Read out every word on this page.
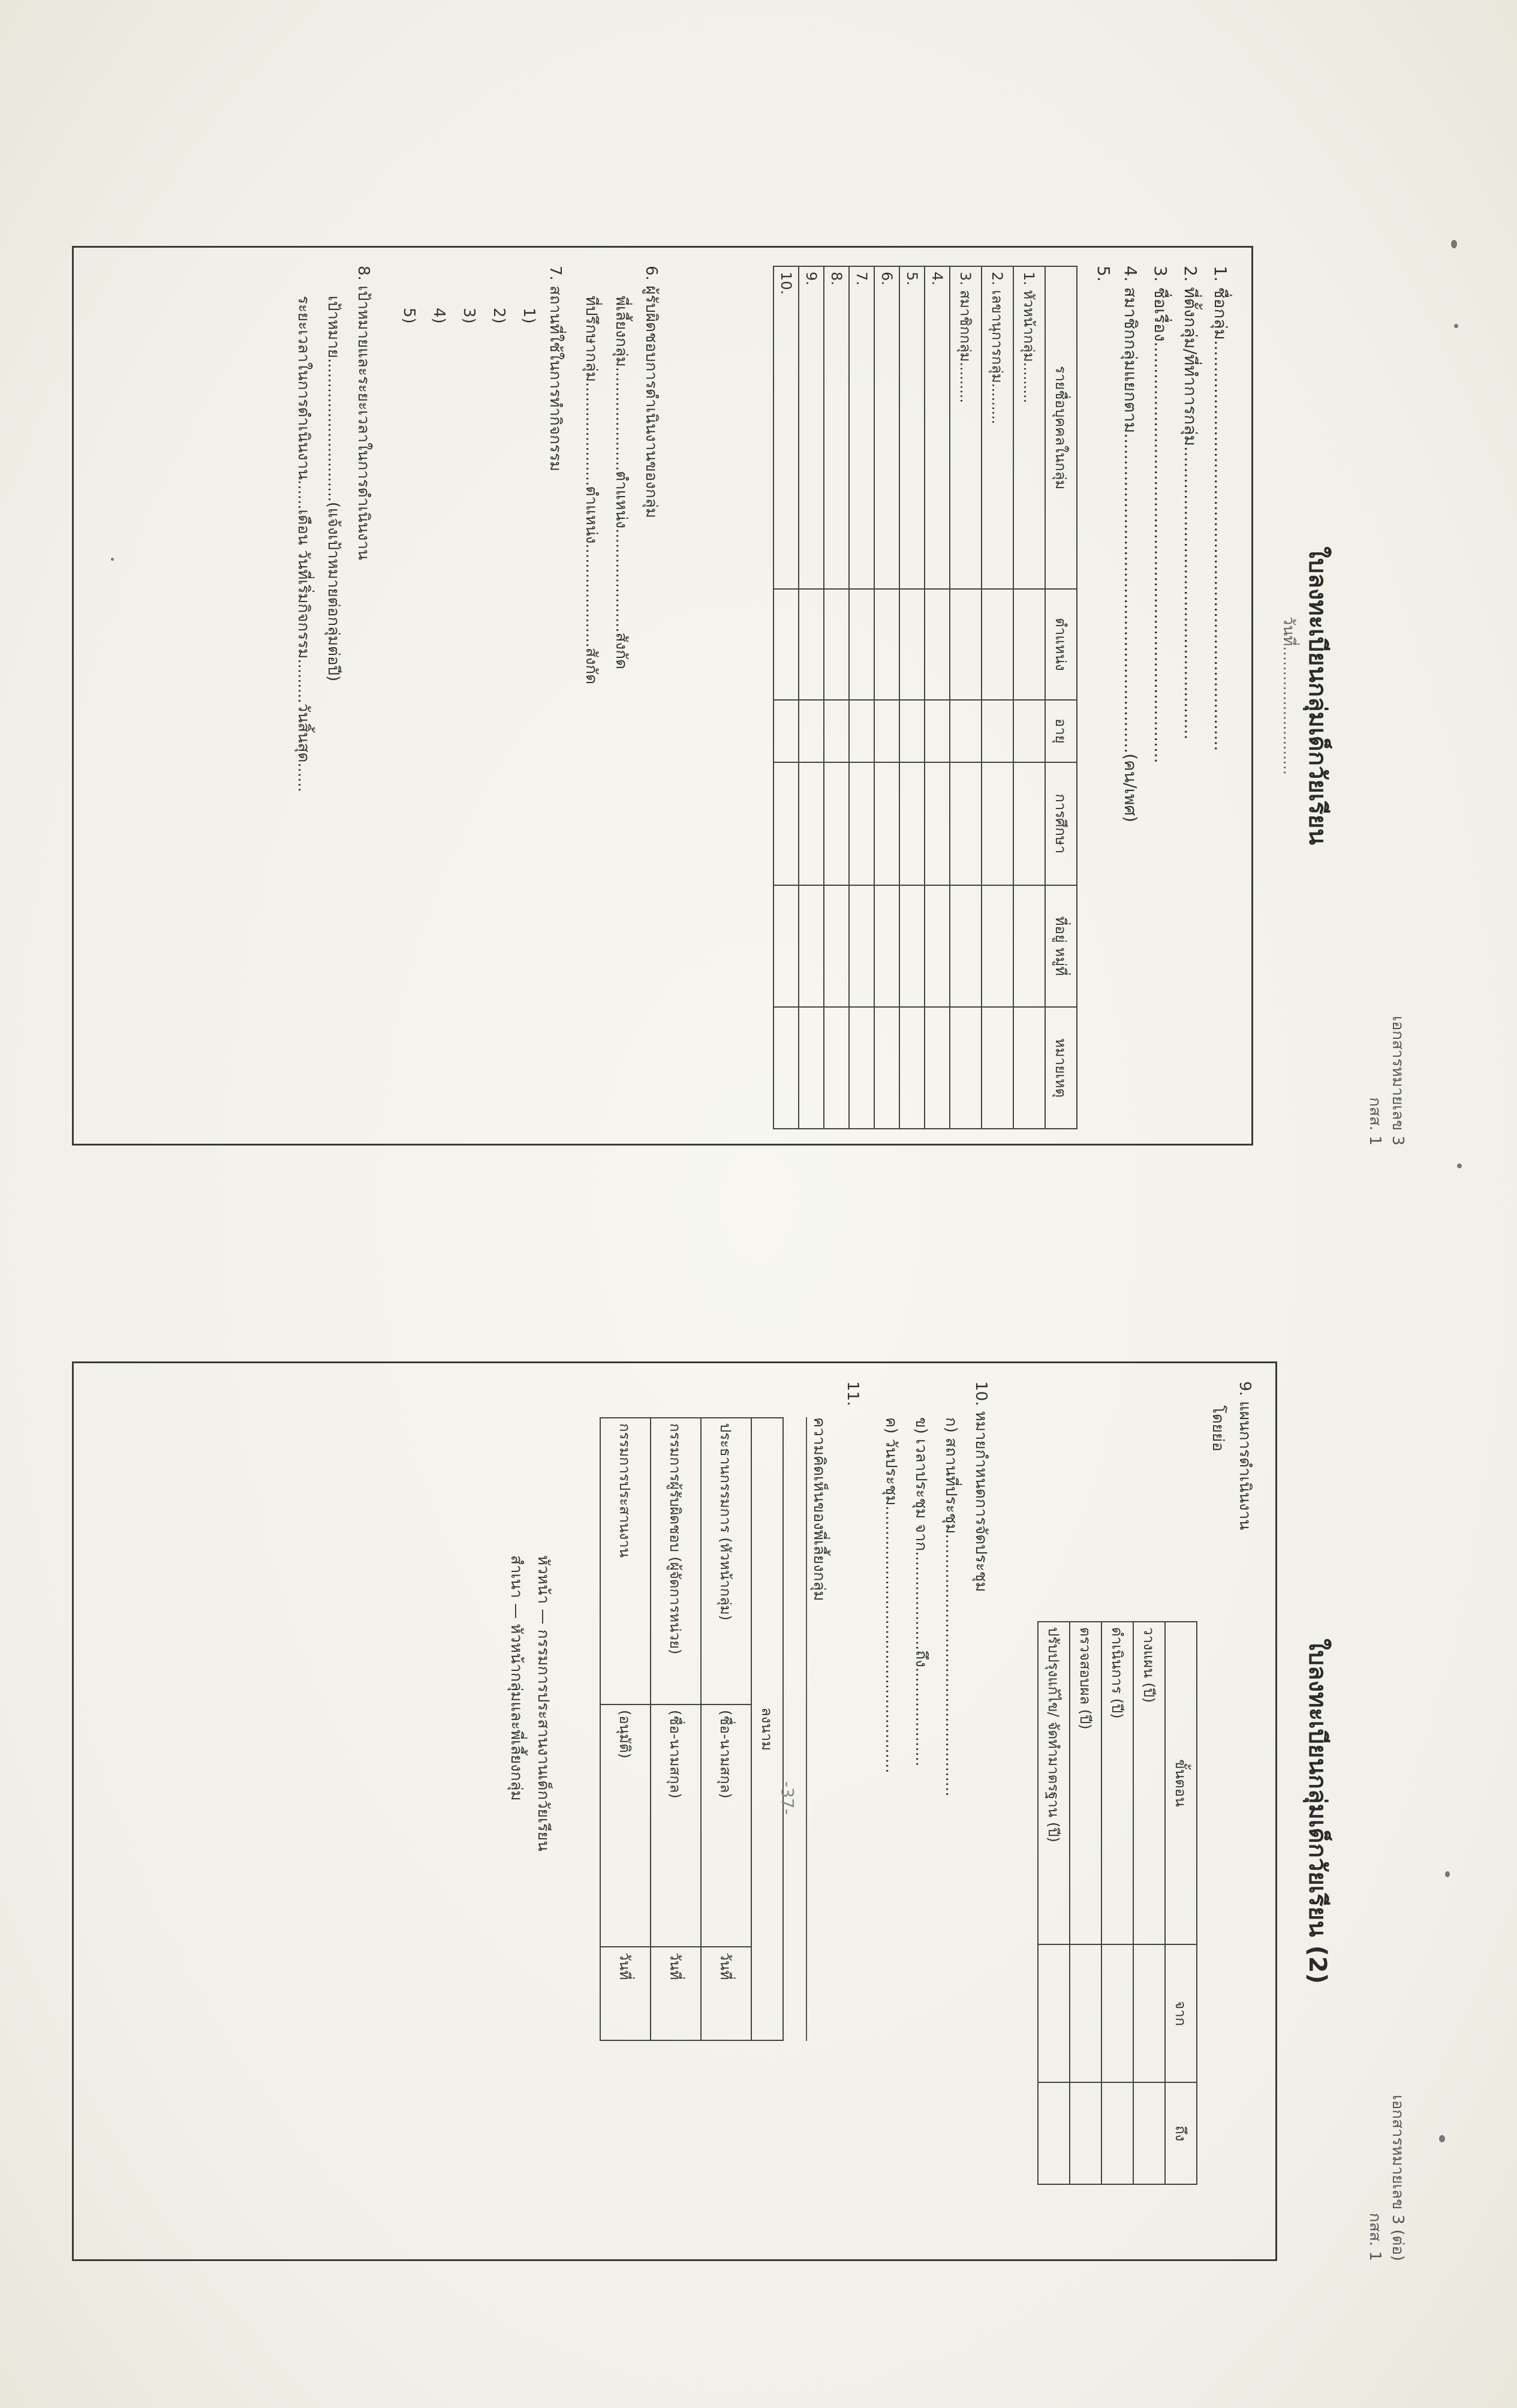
เอกสารหมายเลข 3
กสส. 1
ใบลงทะเบียนกลุ่มเด็กวัยเรียน
วันที่..........................
1. ชื่อกลุ่ม.............................................................................
2. ที่ตั้งกลุ่ม/ที่ทำการกลุ่ม.......................................................
3. ชื่อเรื่อง...............................................................................
4. สมาชิกกลุ่มแยกตาม............................................................(คน/เพศ)
5.
รายชื่อบุคคลในกลุ่ม	ตำแหน่ง	อายุ	การศึกษา	ที่อยู่ หมู่ที่	หมายเหตุ
1. หัวหน้ากลุ่ม.........					
2. เลขานุการกลุ่ม.........					
3. สมาชิกกลุ่ม.........					
4.					
5.					
6.					
7.					
8.					
9.					
10.					
6. ผู้รับผิดชอบการดำเนินงานของกลุ่ม
พี่เลี้ยงกลุ่ม.....................ตำแหน่ง.....................สังกัด
ที่ปรึกษากลุ่ม.....................ตำแหน่ง.....................สังกัด
7. สถานที่ใช้ในการทำกิจกรรม
1)
2)
3)
4)
5)
8. เป้าหมายและระยะเวลาในการดำเนินงาน
เป้าหมาย.............................(แจ้งเป้าหมายต่อกลุ่มต่อปี)
ระยะเวลาในการดำเนินงาน......เดือน วันที่เริ่มกิจกรรม.........วันสิ้นสุด......
เอกสารหมายเลข 3 (ต่อ)
กสส. 1
ใบลงทะเบียนกลุ่มเด็กวัยเรียน (2)
9. แผนการดำเนินงาน
โดยย่อ
ขั้นตอน	จาก	ถึง
วางแผน (ปี)		
ดำเนินการ (ปี)		
ตรวจสอบผล (ปี)		
ปรับปรุงแก้ไข/ จัดทำมาตรฐาน (ปี)		
10. หมายกำหนดการจัดประชุม
ก) สถานที่ประชุม.....................................................
ข) เวลาประชุม จาก....................ถึง....................
ค) วันประชุม......................................................
11.
ความคิดเห็นของพี่เลี้ยงกลุ่ม
ลงนาม		
ประธานกรรมการ (หัวหน้ากลุ่ม)	(ชื่อ-นามสกุล)	วันที่
กรรมการผู้รับผิดชอบ (ผู้จัดการหน่วย)	(ชื่อ-นามสกุล)	วันที่
กรรมการประสานงาน	(อนุมัติ)	วันที่
หัวหน้า — กรรมการประสานงานเด็กวัยเรียน
สำเนา — หัวหน้ากลุ่มและพี่เลี้ยงกลุ่ม	-37-
